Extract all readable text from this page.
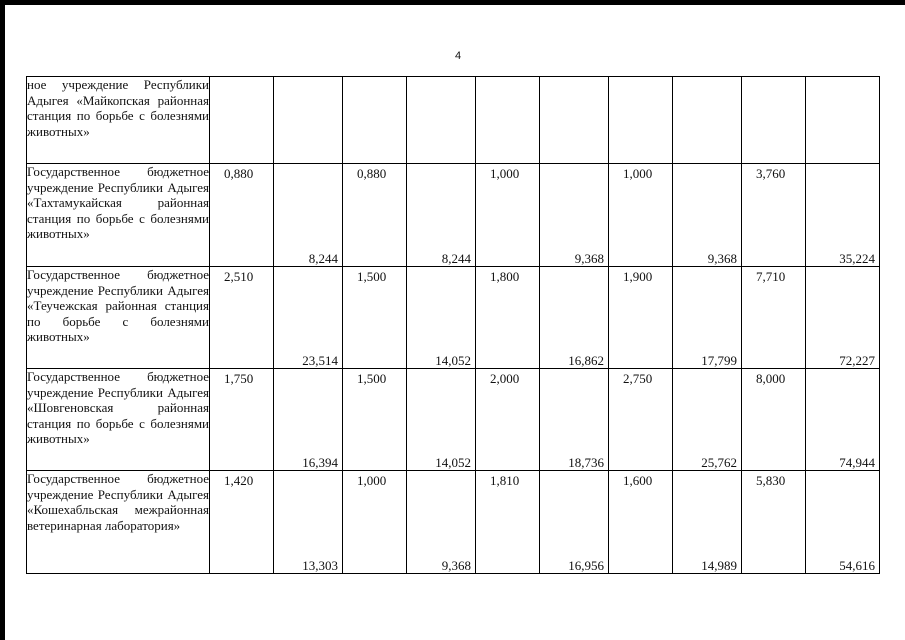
4
ное учреждение Республики Адыгея «Майкопская районная станция по борьбе с болезнями животных»										

Государственное бюджетное учреждение Республики Адыгея «Тахтамукайская районная станция по борьбе с болезнями животных»	0,880	8,244	0,880	8,244	1,000	9,368	1,000	9,368	3,760	35,224

Государственное бюджетное учреждение Республики Адыгея «Теучежская районная станция по борьбе с болезнями животных»	2,510	23,514	1,500	14,052	1,800	16,862	1,900	17,799	7,710	72,227

Государственное бюджетное учреждение Республики Адыгея «Шовгеновская районная станция по борьбе с болезнями животных»	1,750	16,394	1,500	14,052	2,000	18,736	2,750	25,762	8,000	74,944

Государственное бюджетное учреждение Республики Адыгея «Кошехабльская межрайонная ветеринарная лаборатория»	1,420	13,303	1,000	9,368	1,810	16,956	1,600	14,989	5,830	54,616
